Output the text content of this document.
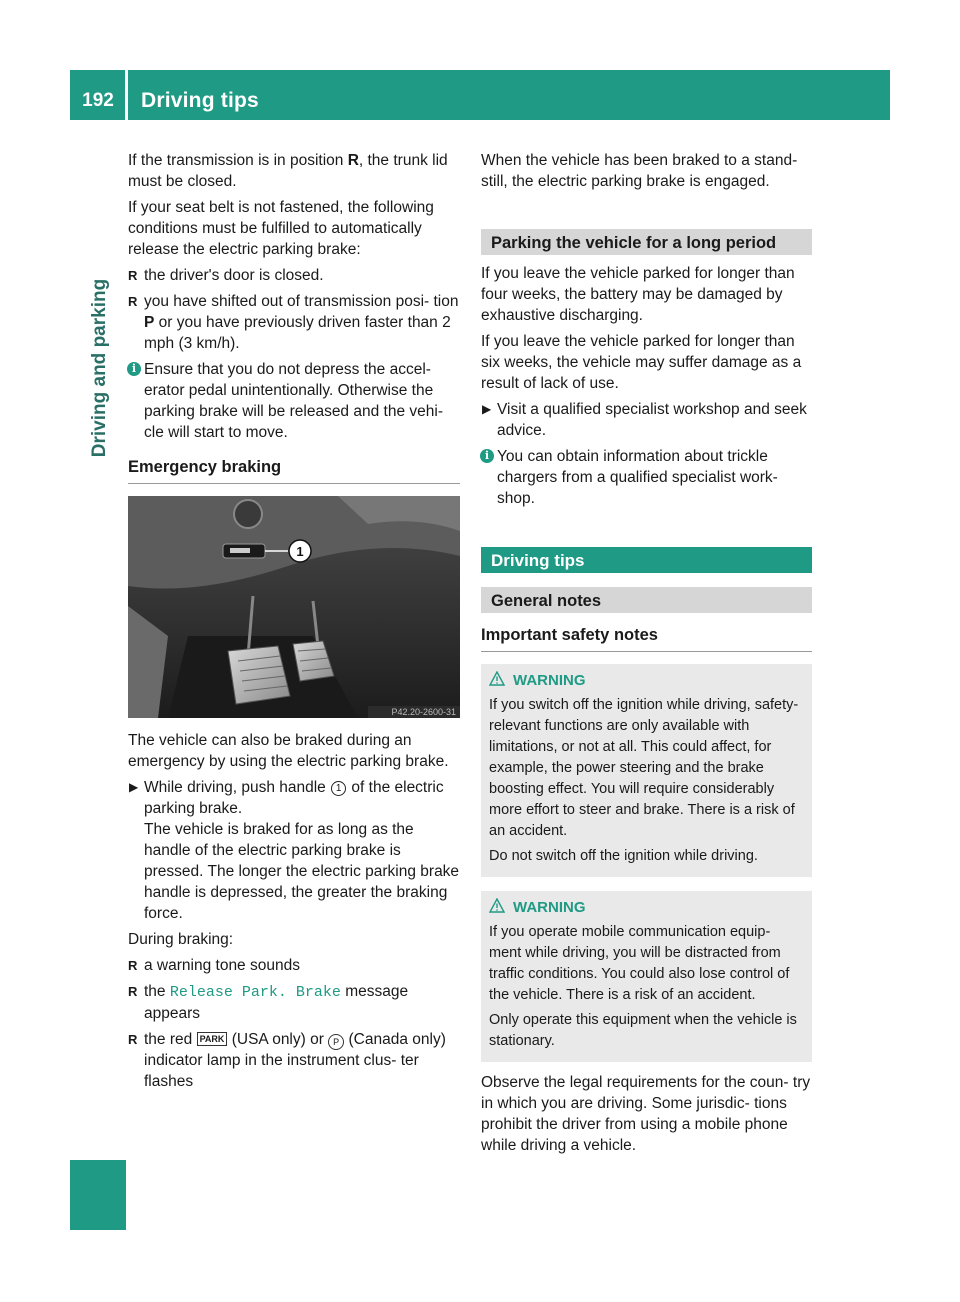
192	Driving tips
Driving and parking

If the transmission is in position R, the trunk lid must be closed.

If your seat belt is not fastened, the following conditions must be fulfilled to automatically release the electric parking brake:

R the driver's door is closed.
R you have shifted out of transmission posi- tion P or you have previously driven faster than 2 mph (3 km/h).
i Ensure that you do not depress the accel- erator pedal unintentionally. Otherwise the parking brake will be released and the vehi- cle will start to move.
Emergency braking
1
P42.20-2600-31

The vehicle can also be braked during an emergency by using the electric parking brake.

▶ While driving, push handle 1 of the electric parking brake.
The vehicle is braked for as long as the handle of the electric parking brake is pressed. The longer the electric parking brake handle is depressed, the greater the braking force.

During braking:

R a warning tone sounds
R the Release Park. Brake message appears
R the red PARK (USA only) or P (Canada only) indicator lamp in the instrument clus- ter flashes

When the vehicle has been braked to a stand- still, the electric parking brake is engaged.

Parking the vehicle for a long period

If you leave the vehicle parked for longer than four weeks, the battery may be damaged by exhaustive discharging.

If you leave the vehicle parked for longer than six weeks, the vehicle may suffer damage as a result of lack of use.

▶ Visit a qualified specialist workshop and seek advice.
i You can obtain information about trickle chargers from a qualified specialist work- shop.
Driving tips
General notes
Important safety notes
WARNING

If you switch off the ignition while driving, safety-relevant functions are only available with limitations, or not at all. This could affect, for example, the power steering and the brake boosting effect. You will require considerably more effort to steer and brake. There is a risk of an accident.

Do not switch off the ignition while driving.

WARNING

If you operate mobile communication equip- ment while driving, you will be distracted from traffic conditions. You could also lose control of the vehicle. There is a risk of an accident.

Only operate this equipment when the vehicle is stationary.

Observe the legal requirements for the coun- try in which you are driving. Some jurisdic- tions prohibit the driver from using a mobile phone while driving a vehicle.
